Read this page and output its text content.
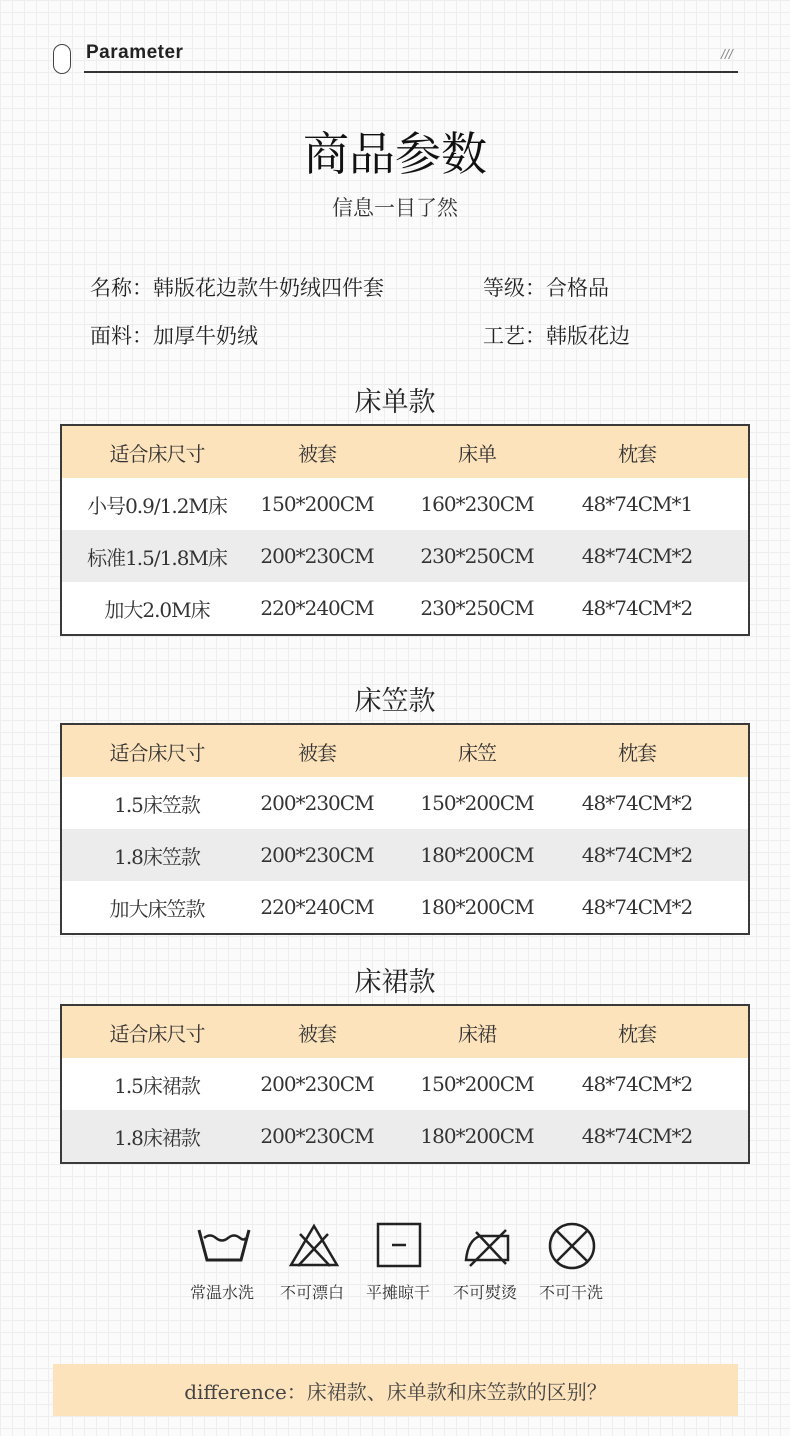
Parameter	///
商品参数
信息一目了然
名称：韩版花边款牛奶绒四件套	等级：合格品
面料：加厚牛奶绒	工艺：韩版花边
床单款
适合床尺寸	被套	床单	枕套
小号0.9/1.2M床	150*200CM	160*230CM	48*74CM*1
标准1.5/1.8M床	200*230CM	230*250CM	48*74CM*2
加大2.0M床	220*240CM	230*250CM	48*74CM*2
床笠款
适合床尺寸	被套	床笠	枕套
1.5床笠款	200*230CM	150*200CM	48*74CM*2
1.8床笠款	200*230CM	180*200CM	48*74CM*2
加大床笠款	220*240CM	180*200CM	48*74CM*2
床裙款
适合床尺寸	被套	床裙	枕套
1.5床裙款	200*230CM	150*200CM	48*74CM*2
1.8床裙款	200*230CM	180*200CM	48*74CM*2
常温水洗	不可漂白	平摊晾干	不可熨烫	不可干洗
difference：床裙款、床单款和床笠款的区别？
